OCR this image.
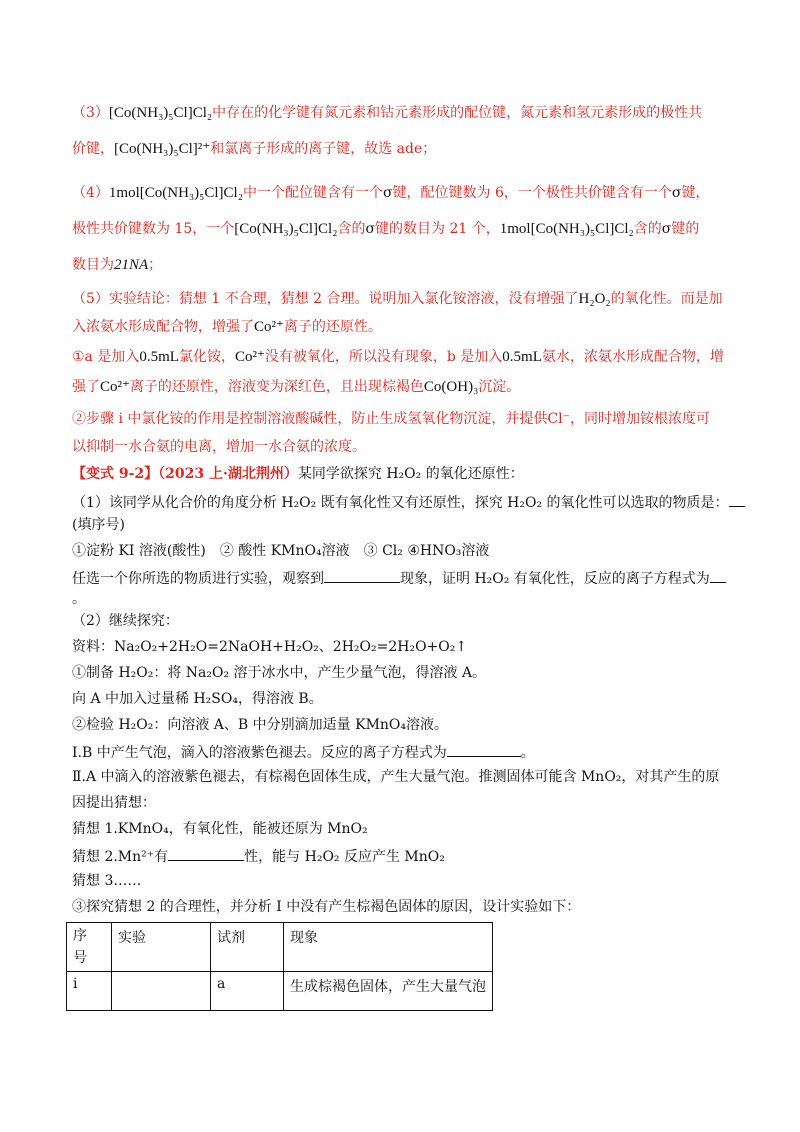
（3）[Co(NH₃)₅Cl]Cl₂中存在的化学键有氮元素和钴元素形成的配位键，氮元素和氢元素形成的极性共
价键，[Co(NH₃)₅Cl]²⁺和氯离子形成的离子键，故选 ade；
（4）1mol[Co(NH₃)₅Cl]Cl₂中一个配位键含有一个σ键，配位键数为 6，一个极性共价键含有一个σ键，
极性共价键数为 15，一个[Co(NH₃)₅Cl]Cl₂含的σ键的数目为 21 个，1mol[Co(NH₃)₅Cl]Cl₂含的σ键的
数目为21NA；
（5）实验结论：猜想 1 不合理，猜想 2 合理。说明加入氯化铵溶液，没有增强了H₂O₂的氧化性。而是加
入浓氨水形成配合物，增强了Co²⁺离子的还原性。
①a 是加入0.5mL氯化铵，Co²⁺没有被氧化，所以没有现象，b 是加入0.5mL氨水，浓氨水形成配合物，增
强了Co²⁺离子的还原性，溶液变为深红色，且出现棕褐色Co(OH)₃沉淀。
②步骤 i 中氯化铵的作用是控制溶液酸碱性，防止生成氢氧化物沉淀，并提供Cl⁻，同时增加铵根浓度可
以抑制一水合氨的电离，增加一水合氨的浓度。
【变式 9-2】（2023 上·湖北荆州）某同学欲探究 H₂O₂ 的氧化还原性：
（1）该同学从化合价的角度分析 H₂O₂ 既有氧化性又有还原性，探究 H₂O₂ 的氧化性可以选取的物质是：
(填序号)
①淀粉 KI 溶液(酸性)　② 酸性 KMnO₄溶液　③ Cl₂ ④HNO₃溶液
任选一个你所选的物质进行实验，观察到	现象，证明 H₂O₂ 有氧化性，反应的离子方程式为
。
（2）继续探究：
资料：Na₂O₂+2H₂O=2NaOH+H₂O₂、2H₂O₂=2H₂O+O₂↑
①制备 H₂O₂：将 Na₂O₂ 溶于冰水中，产生少量气泡，得溶液 A。
向 A 中加入过量稀 H₂SO₄，得溶液 B。
②检验 H₂O₂：向溶液 A、B 中分别滴加适量 KMnO₄溶液。
Ⅰ.B 中产生气泡，滴入的溶液紫色褪去。反应的离子方程式为	。
Ⅱ.A 中滴入的溶液紫色褪去，有棕褐色固体生成，产生大量气泡。推测固体可能含 MnO₂，对其产生的原
因提出猜想：
猜想 1.KMnO₄，有氧化性，能被还原为 MnO₂
猜想 2.Mn²⁺有	性，能与 H₂O₂ 反应产生 MnO₂
猜想 3……
③探究猜想 2 的合理性，并分析 Ⅰ 中没有产生棕褐色固体的原因，设计实验如下：
序
号	实验	试剂	现象
i		a	生成棕褐色固体，产生大量气泡
